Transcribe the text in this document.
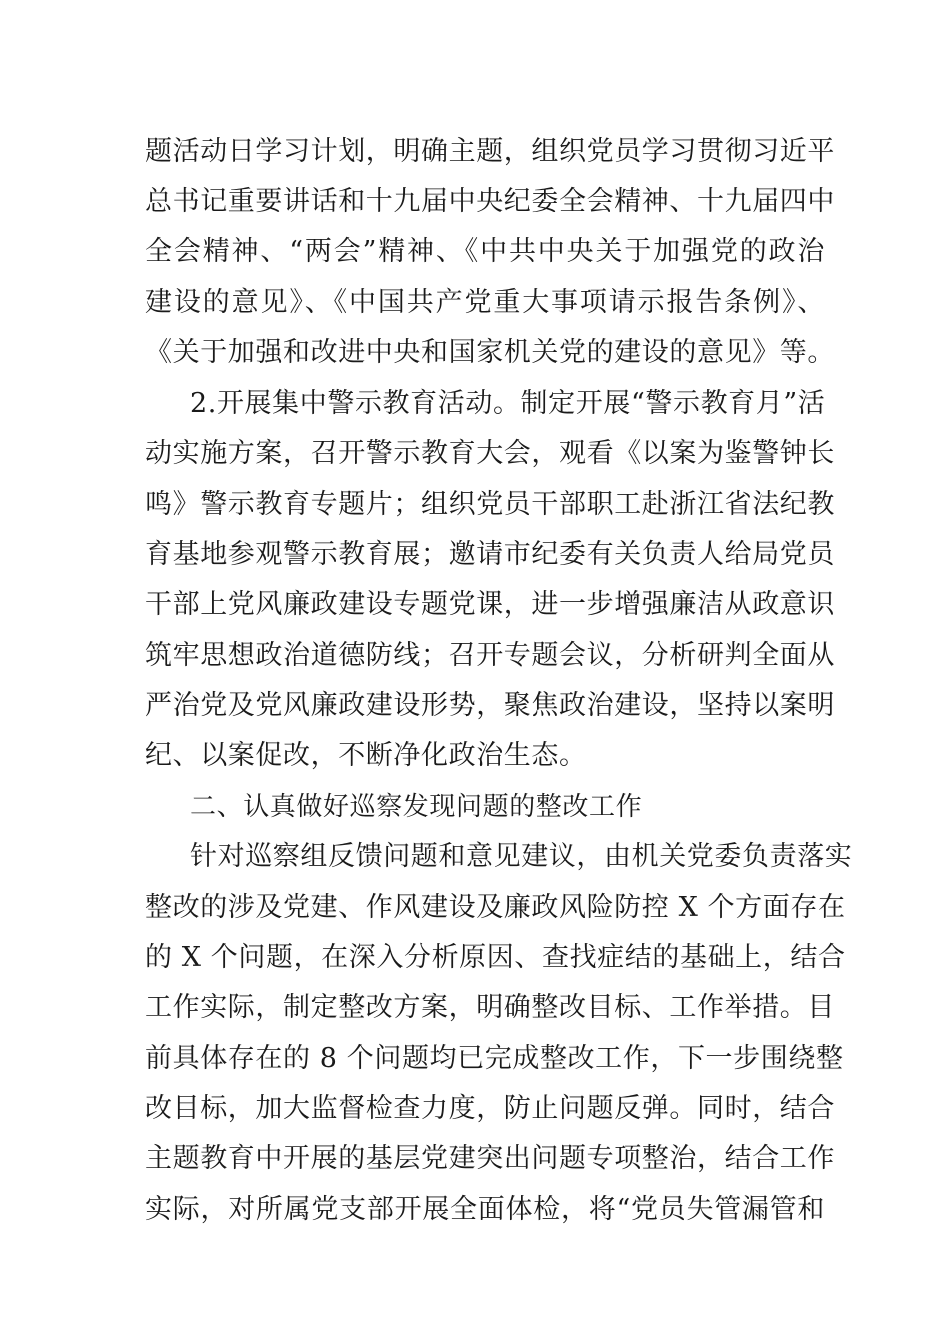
题活动日学习计划，明确主题，组织党员学习贯彻习近平
总书记重要讲话和十九届中央纪委全会精神、十九届四中
全会精神、“两会”精神、《中共中央关于加强党的政治
建设的意见》、《中国共产党重大事项请示报告条例》、
《关于加强和改进中央和国家机关党的建设的意见》等。
2.开展集中警示教育活动。制定开展“警示教育月”活
动实施方案，召开警示教育大会，观看《以案为鉴警钟长
鸣》警示教育专题片；组织党员干部职工赴浙江省法纪教
育基地参观警示教育展；邀请市纪委有关负责人给局党员
干部上党风廉政建设专题党课，进一步增强廉洁从政意识
筑牢思想政治道德防线；召开专题会议，分析研判全面从
严治党及党风廉政建设形势，聚焦政治建设，坚持以案明
纪、以案促改，不断净化政治生态。
二、认真做好巡察发现问题的整改工作
针对巡察组反馈问题和意见建议，由机关党委负责落实
整改的涉及党建、作风建设及廉政风险防控 X 个方面存在
的 X 个问题，在深入分析原因、查找症结的基础上，结合
工作实际，制定整改方案，明确整改目标、工作举措。目
前具体存在的 8 个问题均已完成整改工作，下一步围绕整
改目标，加大监督检查力度，防止问题反弹。同时，结合
主题教育中开展的基层党建突出问题专项整治，结合工作
实际，对所属党支部开展全面体检，将“党员失管漏管和
